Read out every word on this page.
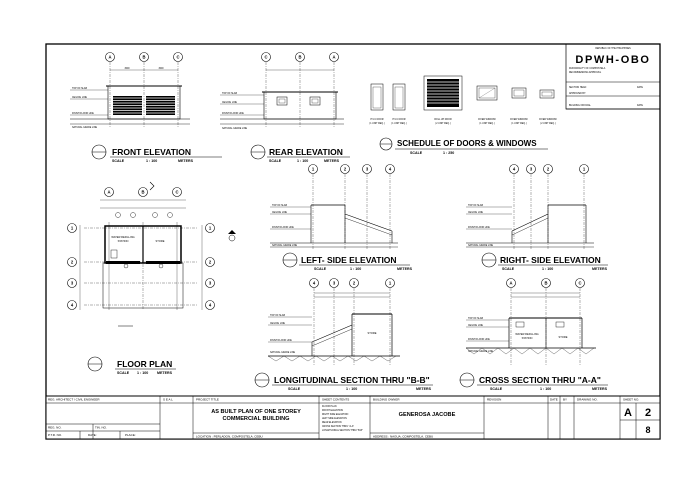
REPUBLIC OF THE PHILIPPINES
DPWH-OBO
MUNICIPALITY OF COMPOSTELA
RECOMMENDING APPROVAL
SECTION HEAD	DATE
APPROVED BY:
BUILDING OFFICIAL	DATE
A	B	C
3000	3000
TOP OF SLAB
CEILING LINE
FINISH FLOOR LINE
NATURAL GRADE LINE
FRONT ELEVATION
SCALE	1 : 100	METERS
C	B	A
TOP OF SLAB
CEILING LINE
FINISH FLOOR LINE
NATURAL GRADE LINE
REAR ELEVATION
SCALE	1 : 100	METERS
P.V.C DOOR
( 1 UNIT REQ. )
P.V.C DOOR
( 1 UNIT REQ. )
ROLL UP DOOR
( 2 UNIT REQ. )
FIXED WINDOW
( 1 UNIT REQ. )
FIXED WINDOW
( 1 UNIT REQ. )
FIXED WINDOW
( 2 UNIT REQ. )
SCHEDULE OF DOORS & WINDOWS
SCALE	1 : 250
A	B	C
1
2
3
4
1
2
3
4
WATER REFILLING
STATION	STORE
FLOOR PLAN
SCALE 1 : 100 METERS
1	2	3	4
TOP OF SLAB
CEILING LINE
FINISH FLOOR LINE
NATURAL GRADE LINE
LEFT- SIDE ELEVATION
SCALE	1 : 100	METERS
4	3	2	1
TOP OF SLAB
CEILING LINE
FINISH FLOOR LINE
NATURAL GRADE LINE
RIGHT- SIDE ELEVATION
SCALE	1 : 100	METERS
4	3	2	1
STORE
TOP OF SLAB
CEILING LINE
FINISH FLOOR LINE
NATURAL GRADE LINE
LONGITUDINAL SECTION THRU "B-B"
SCALE	1 : 100	METERS
A	B	C
WATER REFILLING
STATION	STORE
TOP OF SLAB
CEILING LINE
FINISH FLOOR LINE
NATURAL GRADE LINE
CROSS SECTION THRU "A-A"
SCALE	1 : 100	METERS
REG. ARCHITECT / CIVIL ENGINEER	S E A L	PROJECT TITLE
AS BUILT PLAN OF ONE STOREY
COMMERCIAL BUILDING
LOCATION : PERLADON, COMPOSTELA, CEBU
SHEET CONTENTS
FLOOR PLAN
FRONT ELEVATION
RIGHT SIDE ELEVATION
LEFT SIDE ELEVATION
REAR ELEVATION
CROSS SECTION THRU "A-A"
LONGITUDINAL SECTION THRU "B-B"
BUILDING OWNER
GENEROSA JACOBE
ADDRESS : NAGUA, COMPOSTELA, CEBU
REVISION	DATE BY	DRAWING NO.	SHEET NO.
A 2
8
REG. NO.	TIN. NO.
P.T.R. NO.	DATE:	PLACE:
